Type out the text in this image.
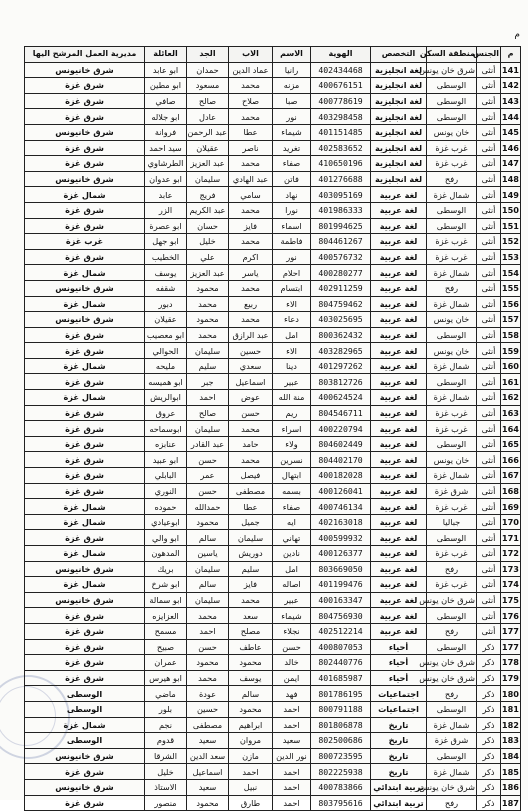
م
م	الجنس	منطقة السكن	التخصص	الهوية	الاسم	الاب	الجد	العائلة	مديرية العمل المرشح اليها
141	أنثى	شرق خان يونس	لغة انجليزية	402434468	رانيا	عماد الدين	حمدان	ابو عابد	شرق خانيونس
142	أنثى	الوسطى	لغة انجليزية	400676151	مزنه	محمد	مسعود	ابو مطين	شرق غزة
143	أنثى	الوسطى	لغة انجليزية	400778619	صبا	صلاح	صالح	صافي	شرق غزة
144	أنثى	الوسطى	لغة انجليزية	403298458	نور	محمد	عادل	ابو جلاله	شرق غزة
145	أنثى	خان يونس	لغة انجليزية	401151485	شيماء	عطا	عبد الرحمن	فروانة	شرق خانيونس
146	أنثى	غرب غزة	لغة انجليزية	402583652	تغريد	ناصر	عقيلان	سيد احمد	شرق غزة
147	أنثى	غرب غزة	لغة انجليزية	410650196	صفاء	محمد	عبد العزيز	الطرشاوي	شرق غزة
148	أنثى	رفح	لغة انجليزية	401276688	فاتن	عبد الهادي	سليمان	ابو عدوان	شرق خانيونس
149	أنثى	شمال غزة	لغة عربية	403095169	نهاد	سامي	فريج	عابد	شمال غزة
150	أنثى	الوسطى	لغة عربية	401986333	نورا	محمد	عبد الكريم	الزر	شرق غزة
151	أنثى	الوسطى	لغة عربية	801994625	اسماء	فايز	حسان	ابو عصرة	شرق غزة
152	أنثى	غرب غزة	لغة عربية	804461267	فاطمة	محمد	خليل	ابو جهل	غرب غزة
153	أنثى	غرب غزة	لغة عربية	400576732	نور	اكرم	علي	الخطيب	شرق غزة
154	أنثى	شمال غزة	لغة عربية	400280277	احلام	ياسر	عبد العزيز	يوسف	شمال غزة
155	أنثى	رفح	لغة عربية	402911259	ابتسام	محمد	محمود	شقفه	شرق خانيونس
156	أنثى	شمال غزة	لغة عربية	804759462	الاء	ربيع	محمد	دبور	شمال غزة
157	أنثى	خان يونس	لغة عربية	403025695	دعاء	محمد	محمود	عقيلان	شرق خانيونس
158	أنثى	الوسطى	لغة عربية	800362432	امل	عبد الرازق	محمد	ابو معصيب	شرق غزة
159	أنثى	خان يونس	لغة عربية	403282965	الاء	حسين	سليمان	الحوالي	شرق غزة
160	أنثى	شمال غزة	لغة عربية	401297262	دينا	سعدي	سليم	مليحه	شمال غزة
161	أنثى	الوسطى	لغة عربية	803812726	عبير	اسماعيل	جبر	ابو هميسه	شرق غزة
162	أنثى	شمال غزة	لغة عربية	400624524	منة الله	عوض	احمد	ابوالريش	شمال غزة
163	أنثى	غرب غزة	لغة عربية	804546711	ريم	حسن	صالح	عروق	شرق غزة
164	أنثى	غرب غزة	لغة عربية	400220794	اسراء	محمد	سليمان	ابوسماحه	شرق غزة
165	أنثى	الوسطى	لغة عربية	804602449	ولاء	حامد	عبد القادر	عنابزه	شرق غزة
166	أنثى	خان يونس	لغة عربية	804402170	نسرين	محمد	حسن	ابو عبيد	شرق غزة
167	أنثى	شمال غزة	لغة عربية	400182028	ابتهال	فيصل	عمر	البابلي	شرق غزة
168	أنثى	شرق غزة	لغة عربية	400126041	بسمه	مصطفى	حسن	النوري	شرق غزة
169	أنثى	غرب غزة	لغة عربية	400746134	صفاء	عطا	حمدالله	حموده	شمال غزة
170	أنثى	جباليا	لغة عربية	402163018	ايه	جميل	محمود	ابوعيادي	شمال غزة
171	أنثى	الوسطى	لغة عربية	400599932	تهاني	سليمان	سالم	ابو والي	شرق غزة
172	أنثى	غرب غزة	لغة عربية	400126377	نادين	دوريش	ياسين	المدهون	شمال غزة
173	أنثى	رفح	لغة عربية	803669050	امل	سليم	سليمان	بريك	شرق خانيونس
174	أنثى	غرب غزة	لغة عربية	401199476	اصاله	فايز	سالم	ابو شرخ	شمال غزة
175	أنثى	شرق خان يونس	لغة عربية	400163347	عبير	محمد	سليمان	ابو سمالة	شرق خانيونس
176	أنثى	الوسطى	لغة عربية	804756930	شيماء	سعد	محمد	العزايزه	شرق غزة
177	أنثى	رفح	لغة عربية	402512214	نجلاء	مصلح	احمد	مسمح	شرق غزة
177	ذكر	الوسطى	أحياء	400807053	حسن	عاطف	حسن	صبيح	شرق غزة
178	ذكر	شرق خان يونس	أحياء	802440776	خالد	محمود	محمود	عمران	شرق غزة
179	ذكر	شرق خان يونس	أحياء	401685987	ايمن	يوسف	محمد	ابو هيرس	شرق غزة
180	ذكر	رفح	اجتماعيات	801786195	فهد	سالم	عودة	ماضي	الوسطى
181	ذكر	الوسطى	اجتماعيات	800791188	احمد	محمود	حسين	بلور	الوسطى
182	ذكر	شمال غزة	تاريخ	801806878	احمد	ابراهيم	مصطفى	نجم	شمال غزة
183	ذكر	شرق غزة	تاريخ	802500686	سعيد	مروان	سعيد	قدوم	الوسطى
184	ذكر	الوسطى	تاريخ	800723595	نور الدين	مازن	سعد الدين	الشرقا	شرق خانيونس
185	ذكر	شمال غزة	تاريخ	802225938	احمد	احمد	اسماعيل	خليل	شرق غزة
186	ذكر	شرق خان يونس	تربية ابتدائي	400783866	احمد	نبيل	سعيد	الاستاذ	شرق خانيونس
187	ذكر	رفح	تربية ابتدائي	803795616	احمد	طارق	محمود	منصور	شرق غزة
